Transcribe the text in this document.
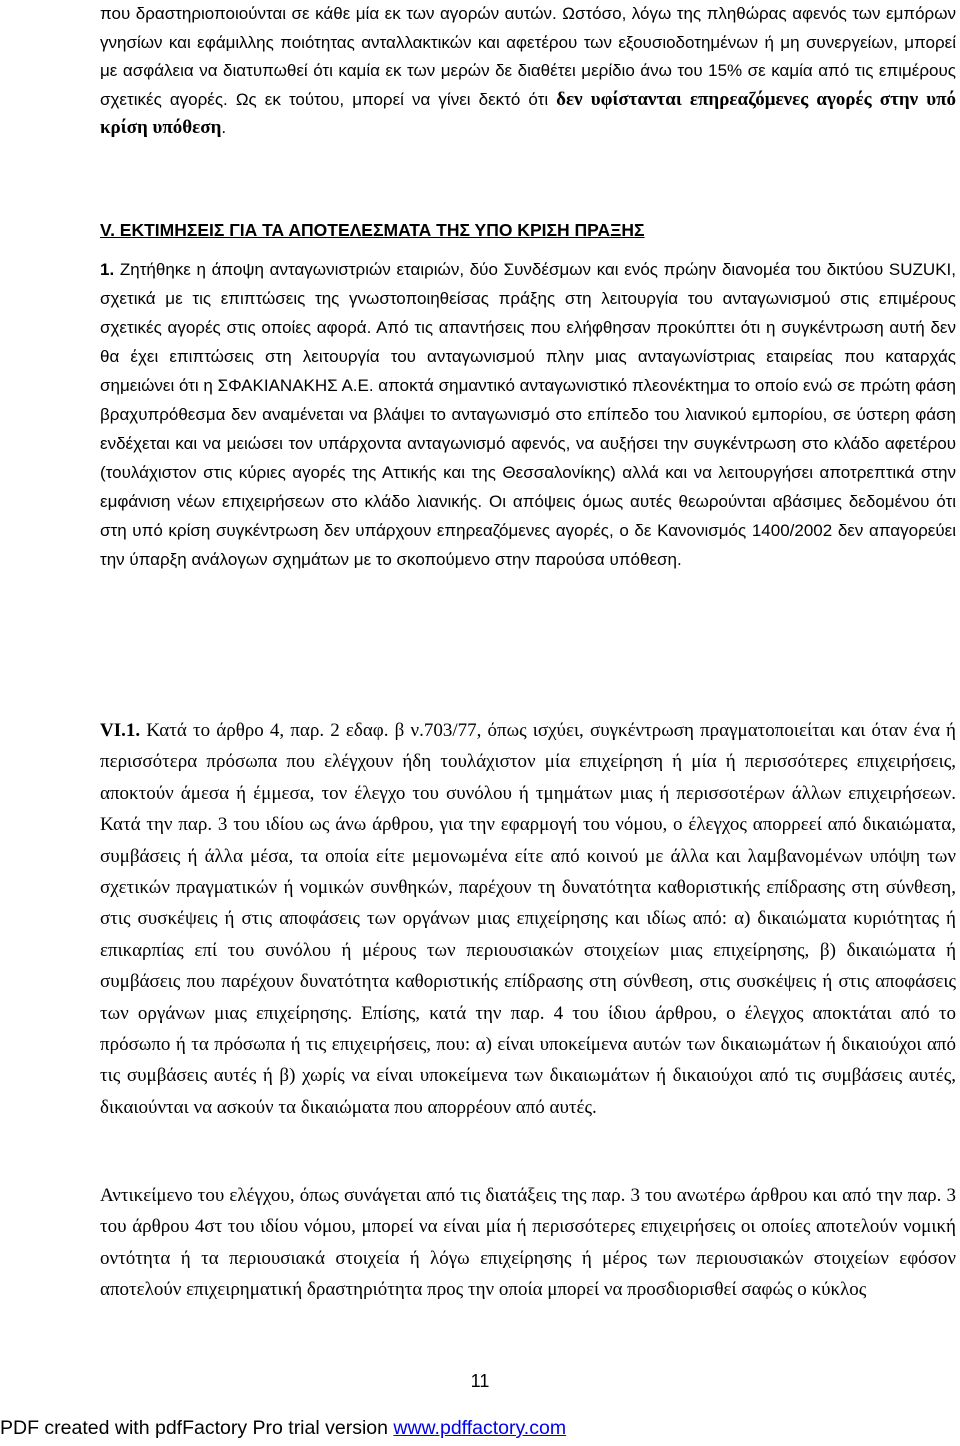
που δραστηριοποιούνται σε κάθε μία εκ των αγορών αυτών. Ωστόσο, λόγω της πληθώρας αφενός των εμπόρων γνησίων και εφάμιλλης ποιότητας ανταλλακτικών και αφετέρου των εξουσιοδοτημένων ή μη συνεργείων, μπορεί με ασφάλεια να διατυπωθεί ότι καμία εκ των μερών δε διαθέτει μερίδιο άνω του 15% σε καμία από τις επιμέρους σχετικές αγορές. Ως εκ τούτου, μπορεί να γίνει δεκτό ότι δεν υφίστανται επηρεαζόμενες αγορές στην υπό κρίση υπόθεση.

V. ΕΚΤΙΜΗΣΕΙΣ ΓΙΑ ΤΑ ΑΠΟΤΕΛΕΣΜΑΤΑ ΤΗΣ ΥΠΟ ΚΡΙΣΗ ΠΡΑΞΗΣ

1. Ζητήθηκε η άποψη ανταγωνιστριών εταιριών, δύο Συνδέσμων και ενός πρώην διανομέα του δικτύου SUZUKI, σχετικά με τις επιπτώσεις της γνωστοποιηθείσας πράξης στη λειτουργία του ανταγωνισμού στις επιμέρους σχετικές αγορές στις οποίες αφορά. Από τις απαντήσεις που ελήφθησαν προκύπτει ότι η συγκέντρωση αυτή δεν θα έχει επιπτώσεις στη λειτουργία του ανταγωνισμού πλην μιας ανταγωνίστριας εταιρείας που καταρχάς σημειώνει ότι η ΣΦΑΚΙΑΝΑΚΗΣ Α.Ε. αποκτά σημαντικό ανταγωνιστικό πλεονέκτημα το οποίο ενώ σε πρώτη φάση βραχυπρόθεσμα δεν αναμένεται να βλάψει το ανταγωνισμό στο επίπεδο του λιανικού εμπορίου, σε ύστερη φάση ενδέχεται και να μειώσει τον υπάρχοντα ανταγωνισμό αφενός, να αυξήσει την συγκέντρωση στο κλάδο αφετέρου (τουλάχιστον στις κύριες αγορές της Αττικής και της Θεσσαλονίκης) αλλά και να λειτουργήσει αποτρεπτικά στην εμφάνιση νέων επιχειρήσεων στο κλάδο λιανικής. Οι απόψεις όμως αυτές θεωρούνται αβάσιμες δεδομένου ότι στη υπό κρίση συγκέντρωση δεν υπάρχουν επηρεαζόμενες αγορές, ο δε Κανονισμός 1400/2002 δεν απαγορεύει την ύπαρξη ανάλογων σχημάτων με το σκοπούμενο στην παρούσα υπόθεση.

VI.1. Κατά το άρθρο 4, παρ. 2 εδαφ. β ν.703/77, όπως ισχύει, συγκέντρωση πραγματοποιείται και όταν ένα ή περισσότερα πρόσωπα που ελέγχουν ήδη τουλάχιστον μία επιχείρηση ή μία ή περισσότερες επιχειρήσεις, αποκτούν άμεσα ή έμμεσα, τον έλεγχο του συνόλου ή τμημάτων μιας ή περισσοτέρων άλλων επιχειρήσεων. Κατά την παρ. 3 του ιδίου ως άνω άρθρου, για την εφαρμογή του νόμου, ο έλεγχος απορρεεί από δικαιώματα, συμβάσεις ή άλλα μέσα, τα οποία είτε μεμονωμένα είτε από κοινού με άλλα και λαμβανομένων υπόψη των σχετικών πραγματικών ή νομικών συνθηκών, παρέχουν τη δυνατότητα καθοριστικής επίδρασης στη σύνθεση, στις συσκέψεις ή στις αποφάσεις των οργάνων μιας επιχείρησης και ιδίως από: α) δικαιώματα κυριότητας ή επικαρπίας επί του συνόλου ή μέρους των περιουσιακών στοιχείων μιας επιχείρησης, β) δικαιώματα ή συμβάσεις που παρέχουν δυνατότητα καθοριστικής επίδρασης στη σύνθεση, στις συσκέψεις ή στις αποφάσεις των οργάνων μιας επιχείρησης. Επίσης, κατά την παρ. 4 του ίδιου άρθρου, ο έλεγχος αποκτάται από το πρόσωπο ή τα πρόσωπα ή τις επιχειρήσεις, που: α) είναι υποκείμενα αυτών των δικαιωμάτων ή δικαιούχοι από τις συμβάσεις αυτές ή β) χωρίς να είναι υποκείμενα των δικαιωμάτων ή δικαιούχοι από τις συμβάσεις αυτές, δικαιούνται να ασκούν τα δικαιώματα που απορρέουν από αυτές.

Αντικείμενο του ελέγχου, όπως συνάγεται από τις διατάξεις της παρ. 3 του ανωτέρω άρθρου και από την παρ. 3 του άρθρου 4στ του ιδίου νόμου, μπορεί να είναι μία ή περισσότερες επιχειρήσεις οι οποίες αποτελούν νομική οντότητα ή τα περιουσιακά στοιχεία ή λόγω επιχείρησης ή μέρος των περιουσιακών στοιχείων εφόσον αποτελούν επιχειρηματική δραστηριότητα προς την οποία μπορεί να προσδιορισθεί σαφώς ο κύκλος

11
PDF created with pdfFactory Pro trial version www.pdffactory.com
